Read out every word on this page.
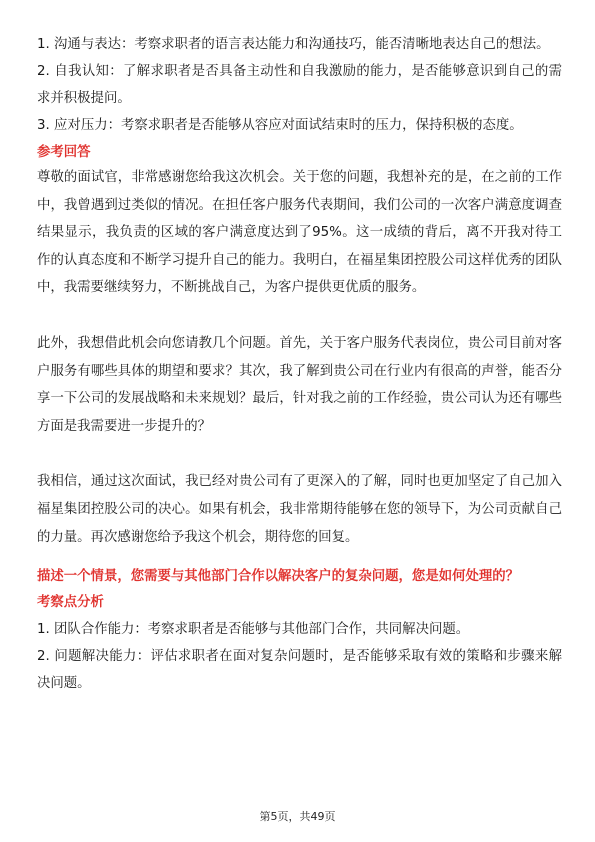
1. 沟通与表达：考察求职者的语言表达能力和沟通技巧，能否清晰地表达自己的想法。

2. 自我认知：了解求职者是否具备主动性和自我激励的能力，是否能够意识到自己的需求并积极提问。

3. 应对压力：考察求职者是否能够从容应对面试结束时的压力，保持积极的态度。

参考回答

尊敬的面试官，非常感谢您给我这次机会。关于您的问题，我想补充的是，在之前的工作中，我曾遇到过类似的情况。在担任客户服务代表期间，我们公司的一次客户满意度调查结果显示，我负责的区域的客户满意度达到了95%。这一成绩的背后，离不开我对待工作的认真态度和不断学习提升自己的能力。我明白，在福星集团控股公司这样优秀的团队中，我需要继续努力，不断挑战自己，为客户提供更优质的服务。

此外，我想借此机会向您请教几个问题。首先，关于客户服务代表岗位，贵公司目前对客户服务有哪些具体的期望和要求？其次，我了解到贵公司在行业内有很高的声誉，能否分享一下公司的发展战略和未来规划？最后，针对我之前的工作经验，贵公司认为还有哪些方面是我需要进一步提升的？

我相信，通过这次面试，我已经对贵公司有了更深入的了解，同时也更加坚定了自己加入福星集团控股公司的决心。如果有机会，我非常期待能够在您的领导下，为公司贡献自己的力量。再次感谢您给予我这个机会，期待您的回复。

描述一个情景，您需要与其他部门合作以解决客户的复杂问题，您是如何处理的？

考察点分析

1. 团队合作能力：考察求职者是否能够与其他部门合作，共同解决问题。

2. 问题解决能力：评估求职者在面对复杂问题时，是否能够采取有效的策略和步骤来解决问题。

第5页，共49页
